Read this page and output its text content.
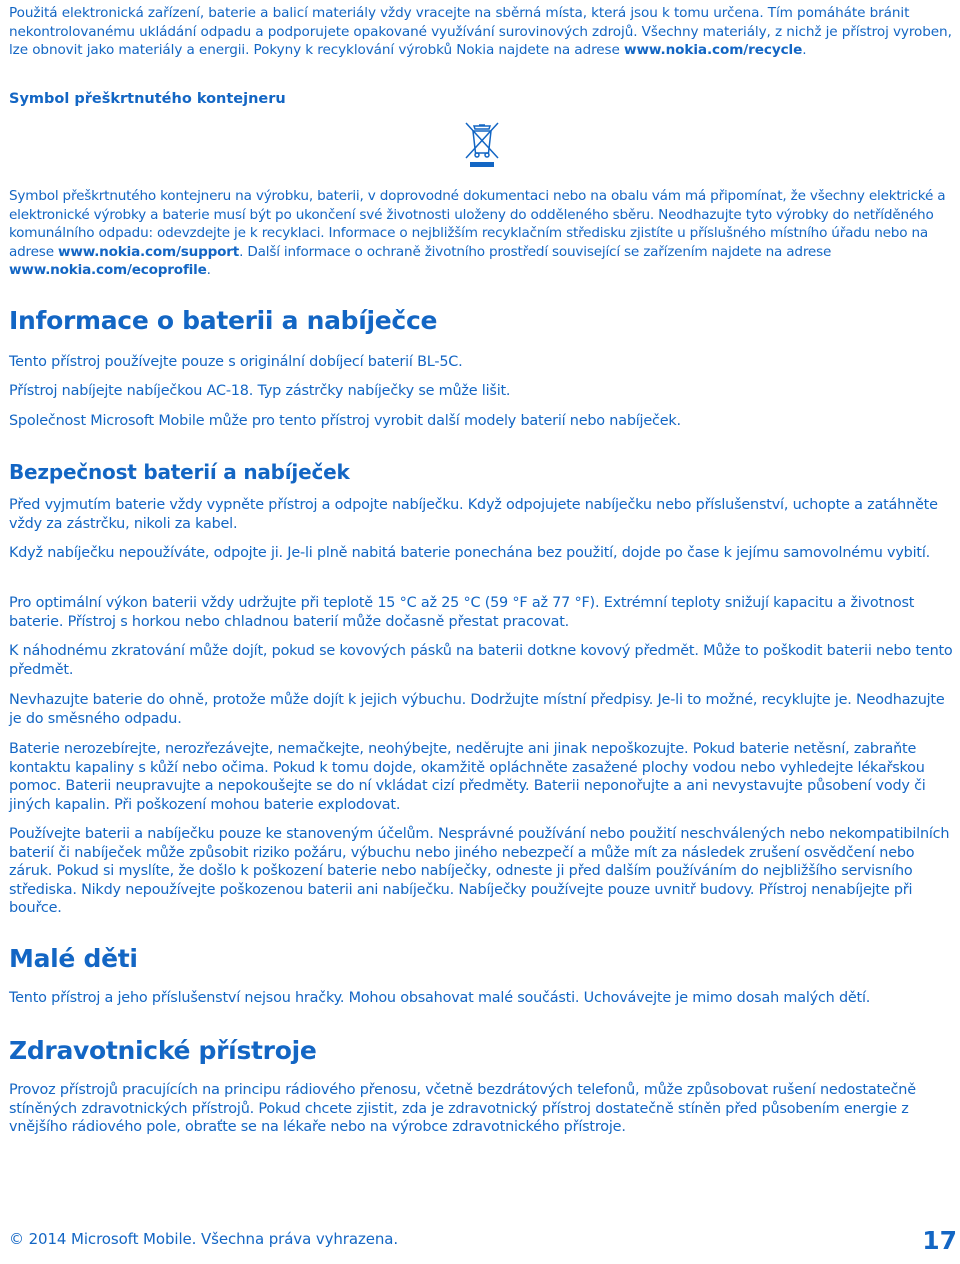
Použitá elektronická zařízení, baterie a balicí materiály vždy vracejte na sběrná místa, která jsou k tomu určena. Tím pomáháte bránit nekontrolovanému ukládání odpadu a podporujete opakované využívání surovinových zdrojů. Všechny materiály, z nichž je přístroj vyroben, lze obnovit jako materiály a energii. Pokyny k recyklování výrobků Nokia najdete na adrese www.nokia.com/recycle.

Symbol přeškrtnutého kontejneru

Symbol přeškrtnutého kontejneru na výrobku, baterii, v doprovodné dokumentaci nebo na obalu vám má připomínat, že všechny elektrické a elektronické výrobky a baterie musí být po ukončení své životnosti uloženy do odděleného sběru. Neodhazujte tyto výrobky do netříděného komunálního odpadu: odevzdejte je k recyklaci. Informace o nejbližším recyklačním středisku zjistíte u příslušného místního úřadu nebo na adrese www.nokia.com/support. Další informace o ochraně životního prostředí související se zařízením najdete na adrese www.nokia.com/ecoprofile.

Informace o baterii a nabíječce

Tento přístroj používejte pouze s originální dobíjecí baterií BL-5C.

Přístroj nabíjejte nabíječkou AC-18. Typ zástrčky nabíječky se může lišit.

Společnost Microsoft Mobile může pro tento přístroj vyrobit další modely baterií nebo nabíječek.

Bezpečnost baterií a nabíječek

Před vyjmutím baterie vždy vypněte přístroj a odpojte nabíječku. Když odpojujete nabíječku nebo příslušenství, uchopte a zatáhněte vždy za zástrčku, nikoli za kabel.

Když nabíječku nepoužíváte, odpojte ji. Je-li plně nabitá baterie ponechána bez použití, dojde po čase k jejímu samovolnému vybití.

Pro optimální výkon baterii vždy udržujte při teplotě 15 °C až 25 °C (59 °F až 77 °F). Extrémní teploty snižují kapacitu a životnost baterie. Přístroj s horkou nebo chladnou baterií může dočasně přestat pracovat.

K náhodnému zkratování může dojít, pokud se kovových pásků na baterii dotkne kovový předmět. Může to poškodit baterii nebo tento předmět.

Nevhazujte baterie do ohně, protože může dojít k jejich výbuchu. Dodržujte místní předpisy. Je-li to možné, recyklujte je. Neodhazujte je do směsného odpadu.

Baterie nerozebírejte, nerozřezávejte, nemačkejte, neohýbejte, neděrujte ani jinak nepoškozujte. Pokud baterie netěsní, zabraňte kontaktu kapaliny s kůží nebo očima. Pokud k tomu dojde, okamžitě opláchněte zasažené plochy vodou nebo vyhledejte lékařskou pomoc. Baterii neupravujte a nepokoušejte se do ní vkládat cizí předměty. Baterii neponořujte a ani nevystavujte působení vody či jiných kapalin. Při poškození mohou baterie explodovat.

Používejte baterii a nabíječku pouze ke stanoveným účelům. Nesprávné používání nebo použití neschválených nebo nekompatibilních baterií či nabíječek může způsobit riziko požáru, výbuchu nebo jiného nebezpečí a může mít za následek zrušení osvědčení nebo záruk. Pokud si myslíte, že došlo k poškození baterie nebo nabíječky, odneste ji před dalším používáním do nejbližšího servisního střediska. Nikdy nepoužívejte poškozenou baterii ani nabíječku. Nabíječky používejte pouze uvnitř budovy. Přístroj nenabíjejte při bouřce.

Malé děti

Tento přístroj a jeho příslušenství nejsou hračky. Mohou obsahovat malé součásti. Uchovávejte je mimo dosah malých dětí.

Zdravotnické přístroje

Provoz přístrojů pracujících na principu rádiového přenosu, včetně bezdrátových telefonů, může způsobovat rušení nedostatečně stíněných zdravotnických přístrojů. Pokud chcete zjistit, zda je zdravotnický přístroj dostatečně stíněn před působením energie z vnějšího rádiového pole, obraťte se na lékaře nebo na výrobce zdravotnického přístroje.

© 2014 Microsoft Mobile. Všechna práva vyhrazena.	17
